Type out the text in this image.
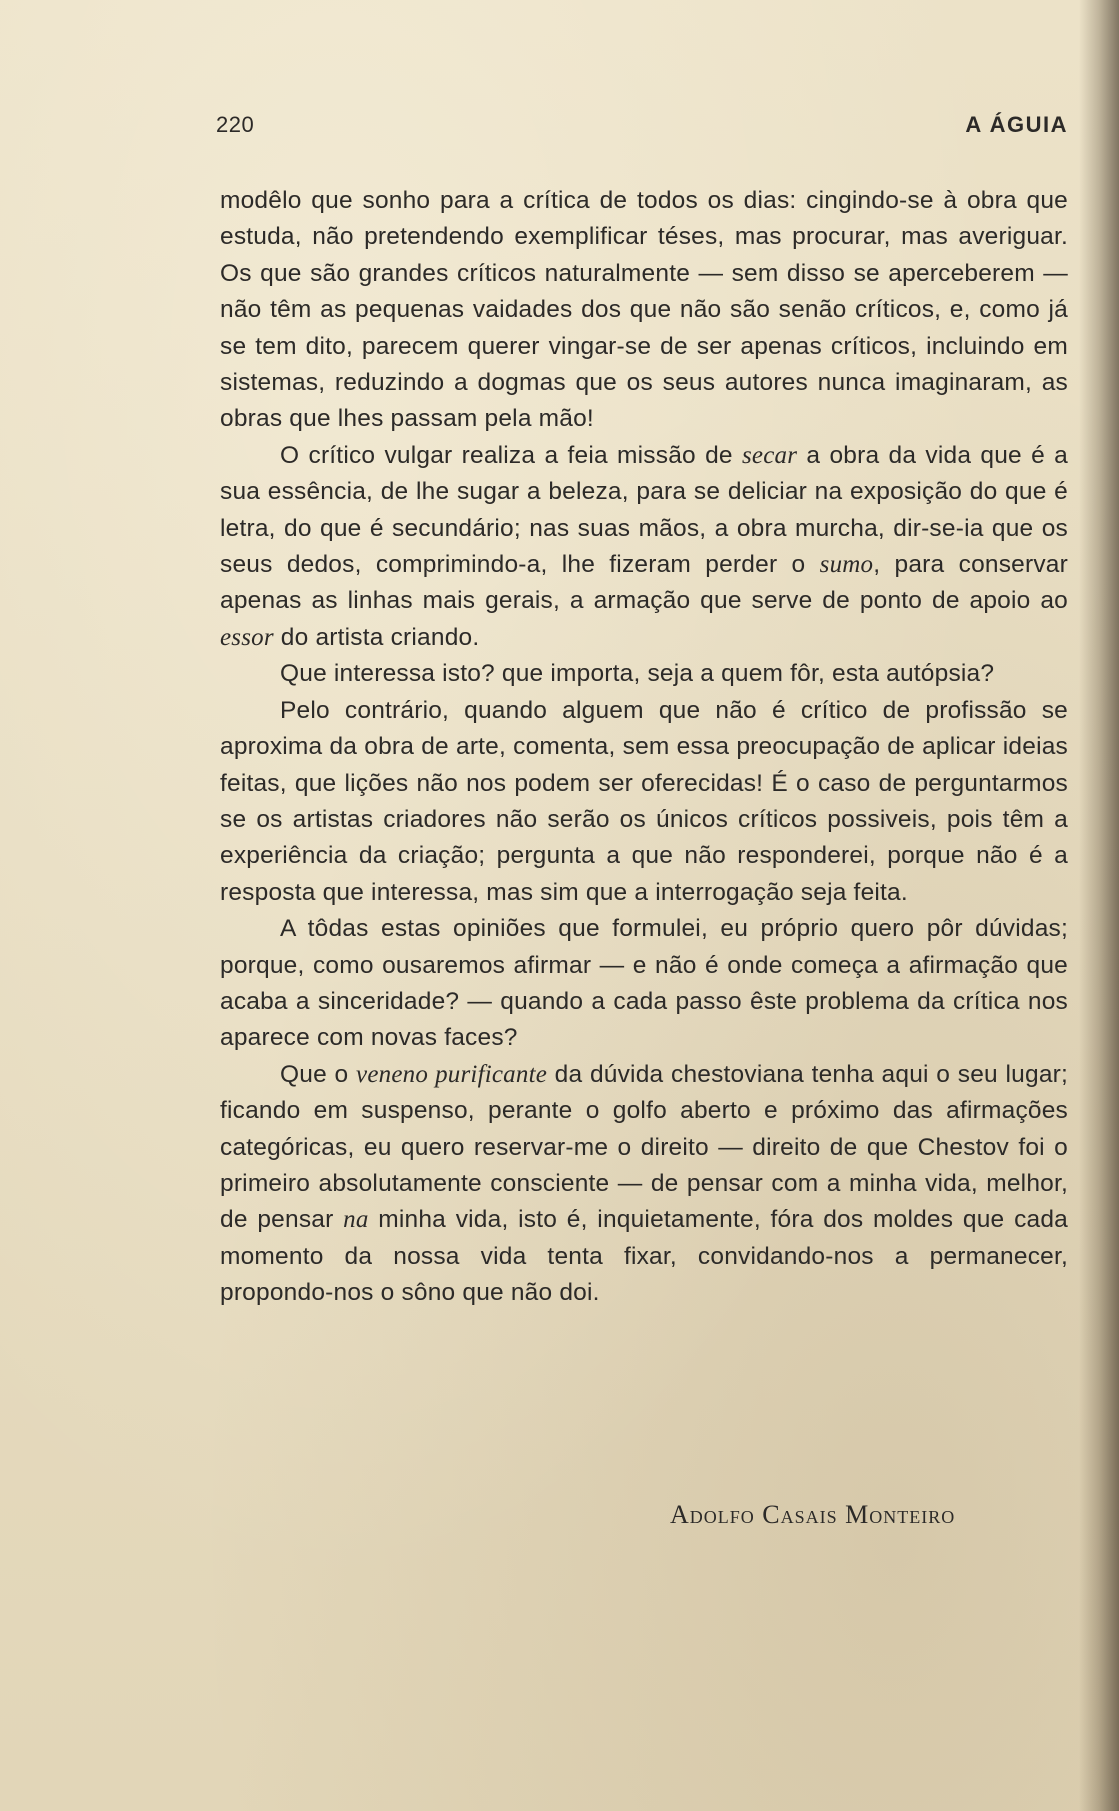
220	A ÁGUIA

modêlo que sonho para a crítica de todos os dias: cingindo-se à obra que estuda, não pretendendo exemplificar téses, mas procurar, mas averiguar. Os que são grandes críticos naturalmente — sem disso se aperceberem — não têm as pequenas vaidades dos que não são senão críticos, e, como já se tem dito, parecem querer vingar-se de ser apenas críticos, incluindo em sistemas, reduzindo a dogmas que os seus autores nunca imaginaram, as obras que lhes passam pela mão!

O crítico vulgar realiza a feia missão de secar a obra da vida que é a sua essência, de lhe sugar a beleza, para se deliciar na exposição do que é letra, do que é secundário; nas suas mãos, a obra murcha, dir-se-ia que os seus dedos, comprimindo-a, lhe fizeram perder o sumo, para conservar apenas as linhas mais gerais, a armação que serve de ponto de apoio ao essor do artista criando.

Que interessa isto? que importa, seja a quem fôr, esta autópsia?

Pelo contrário, quando alguem que não é crítico de profissão se aproxima da obra de arte, comenta, sem essa preocupação de aplicar ideias feitas, que lições não nos podem ser oferecidas! É o caso de perguntarmos se os artistas criadores não serão os únicos críticos possiveis, pois têm a experiência da criação; pergunta a que não responderei, porque não é a resposta que interessa, mas sim que a interrogação seja feita.

A tôdas estas opiniões que formulei, eu próprio quero pôr dúvidas; porque, como ousaremos afirmar — e não é onde começa a afirmação que acaba a sinceridade? — quando a cada passo êste problema da crítica nos aparece com novas faces?

Que o veneno purificante da dúvida chestoviana tenha aqui o seu lugar; ficando em suspenso, perante o golfo aberto e próximo das afirmações categóricas, eu quero reservar-me o direito — direito de que Chestov foi o primeiro absolutamente consciente — de pensar com a minha vida, melhor, de pensar na minha vida, isto é, inquietamente, fóra dos moldes que cada momento da nossa vida tenta fixar, convidando-nos a permanecer, propondo-nos o sôno que não doi.

Adolfo Casais Monteiro
